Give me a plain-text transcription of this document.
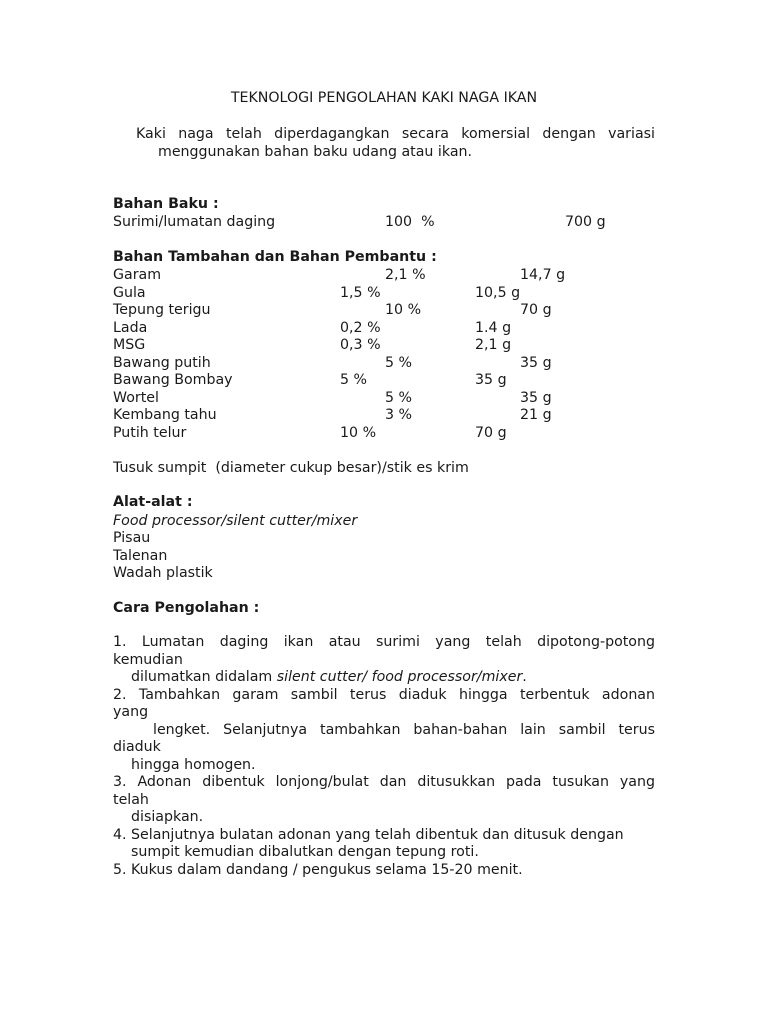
TEKNOLOGI PENGOLAHAN KAKI NAGA IKAN
Kaki naga telah diperdagangkan secara komersial dengan variasi
menggunakan bahan baku udang atau ikan.
Bahan Baku :
Surimi/lumatan daging	100  %	700 g
Bahan Tambahan dan Bahan Pembantu :
Garam	2,1 %	14,7 g
Gula	1,5 %	10,5 g
Tepung terigu	10 %	70 g
Lada	0,2 %	1.4 g
MSG	0,3 %	2,1 g
Bawang putih	5 %	35 g
Bawang Bombay	5 %	35 g
Wortel	5 %	35 g
Kembang tahu	3 %	21 g
Putih telur	10 %	70 g
Tusuk sumpit  (diameter cukup besar)/stik es krim
Alat-alat :
Food processor/silent cutter/mixer
Pisau
Talenan
Wadah plastik
Cara Pengolahan :
1. Lumatan daging ikan atau surimi yang telah dipotong-potong
kemudian
dilumatkan didalam silent cutter/ food processor/mixer.
2. Tambahkan garam sambil terus diaduk hingga terbentuk adonan
yang
lengket. Selanjutnya tambahkan bahan-bahan lain sambil terus
diaduk
hingga homogen.
3. Adonan dibentuk lonjong/bulat dan ditusukkan pada tusukan yang
telah
disiapkan.
4. Selanjutnya bulatan adonan yang telah dibentuk dan ditusuk dengan
sumpit kemudian dibalutkan dengan tepung roti.
5. Kukus dalam dandang / pengukus selama 15-20 menit.
